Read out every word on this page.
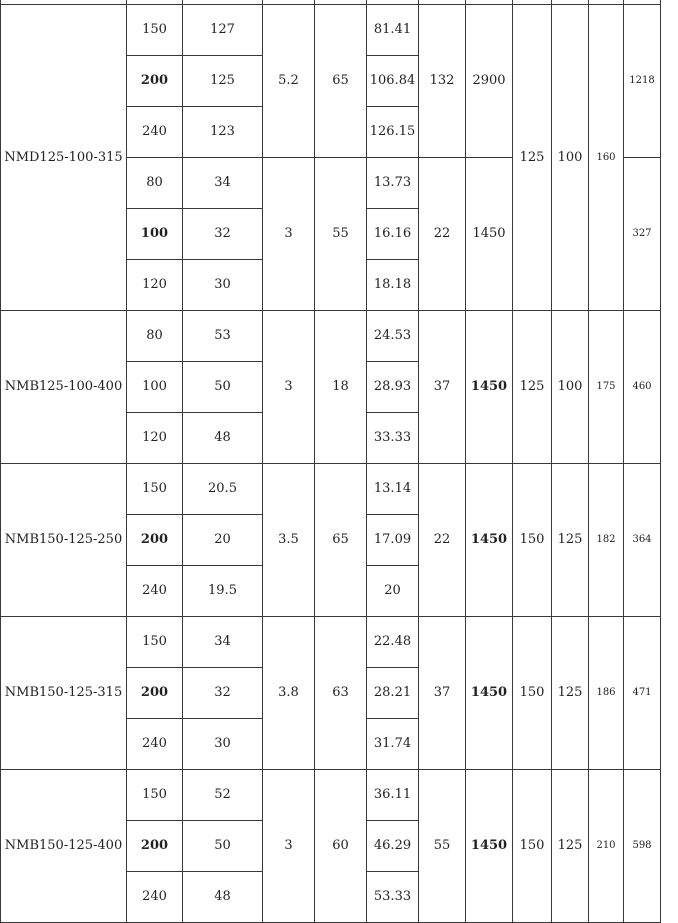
NMD125-100-315	150	127	5.2	65	81.41	132	2900	125	100	160	1218
	200	125			106.84						
	240	123			126.15						
	80	34	3	55	13.73	22	1450				327
	100	32			16.16						
	120	30			18.18						
NMB125-100-400	80	53	3	18	24.53	37	1450	125	100	175	460
	100	50			28.93						
	120	48			33.33						
NMB150-125-250	150	20.5	3.5	65	13.14	22	1450	150	125	182	364
	200	20			17.09						
	240	19.5			20						
NMB150-125-315	150	34	3.8	63	22.48	37	1450	150	125	186	471
	200	32			28.21						
	240	30			31.74						
NMB150-125-400	150	52	3	60	36.11	55	1450	150	125	210	598
	200	50			46.29						
	240	48			53.33						
